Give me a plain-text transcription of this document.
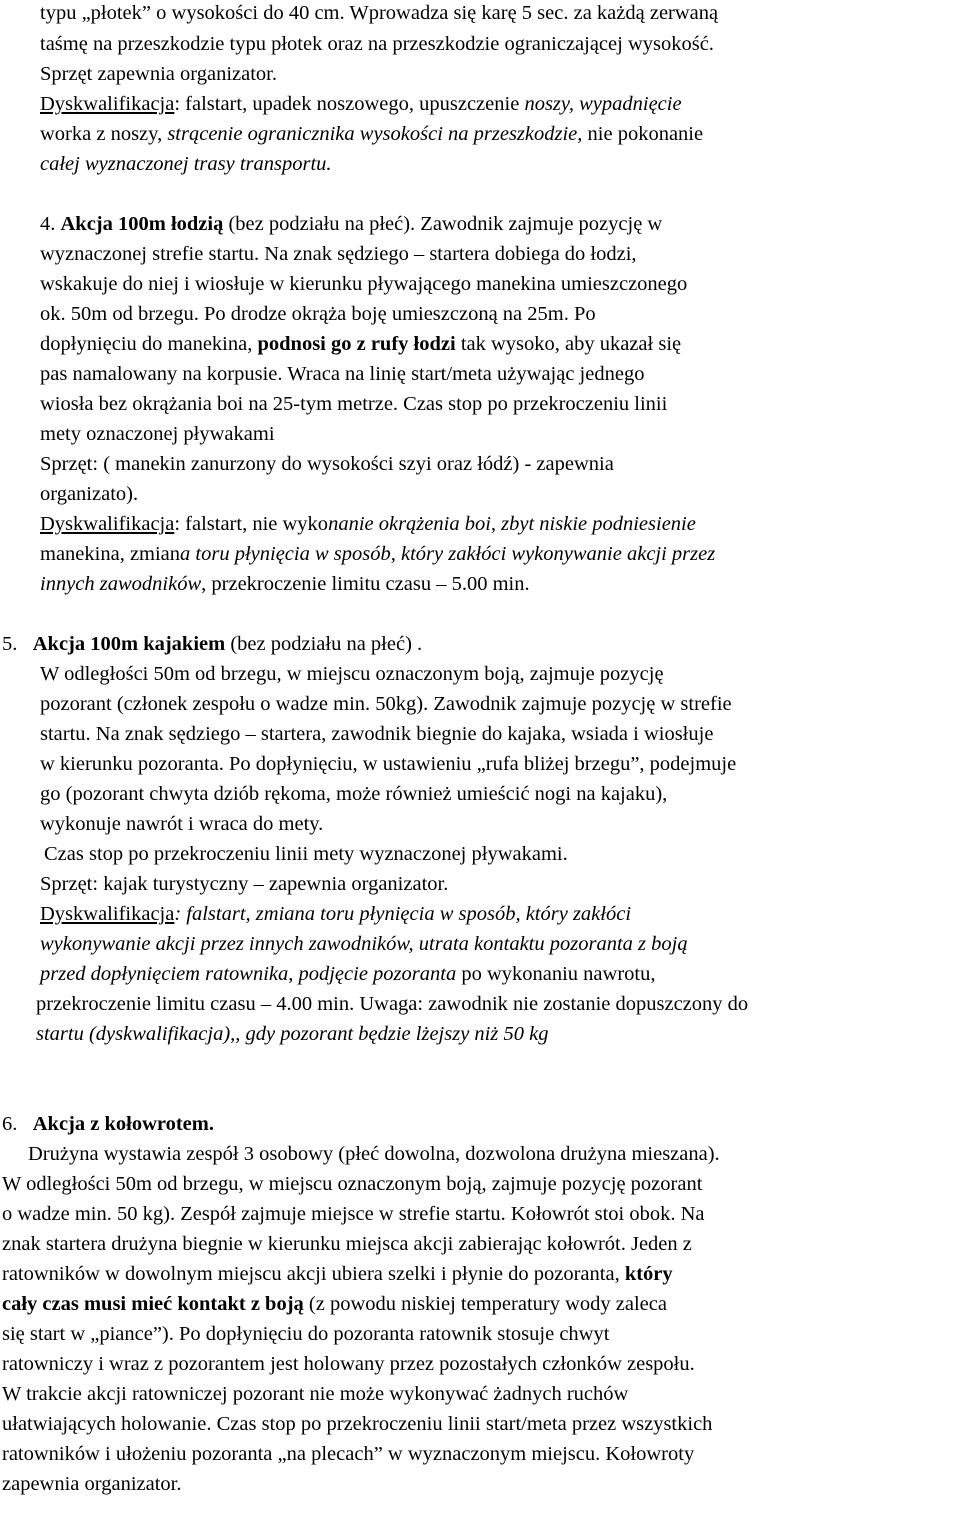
typu „płotek” o wysokości do 40 cm. Wprowadza się karę 5 sec. za każdą zerwaną
taśmę na przeszkodzie typu płotek oraz na przeszkodzie ograniczającej wysokość.
Sprzęt zapewnia organizator.
Dyskwalifikacja: falstart, upadek noszowego, upuszczenie noszy, wypadnięcie
worka z noszy, strącenie ogranicznika wysokości na przeszkodzie, nie pokonanie
całej wyznaczonej trasy transportu.
4. Akcja 100m łodzią (bez podziału na płeć). Zawodnik zajmuje pozycję w
wyznaczonej strefie startu. Na znak sędziego – startera dobiega do łodzi,
wskakuje do niej i wiosłuje w kierunku pływającego manekina umieszczonego
ok. 50m od brzegu. Po drodze okrąża boję umieszczoną na 25m. Po
dopłynięciu do manekina, podnosi go z rufy łodzi tak wysoko, aby ukazał się
pas namalowany na korpusie. Wraca na linię start/meta używając jednego
wiosła bez okrążania boi na 25-tym metrze. Czas stop po przekroczeniu linii
mety oznaczonej pływakami
Sprzęt: ( manekin zanurzony do wysokości szyi oraz łódź) - zapewnia
organizato).
Dyskwalifikacja: falstart, nie wykonanie okrążenia boi, zbyt niskie podniesienie
manekina, zmiana toru płynięcia w sposób, który zakłóci wykonywanie akcji przez
innych zawodników, przekroczenie limitu czasu – 5.00 min.
5. Akcja 100m kajakiem (bez podziału na płeć) .
W odległości 50m od brzegu, w miejscu oznaczonym boją, zajmuje pozycję
pozorant (członek zespołu o wadze min. 50kg). Zawodnik zajmuje pozycję w strefie
startu. Na znak sędziego – startera, zawodnik biegnie do kajaka, wsiada i wiosłuje
w kierunku pozoranta. Po dopłynięciu, w ustawieniu „rufa bliżej brzegu”, podejmuje
go (pozorant chwyta dziób rękoma, może również umieścić nogi na kajaku),
wykonuje nawrót i wraca do mety.
Czas stop po przekroczeniu linii mety wyznaczonej pływakami.
Sprzęt: kajak turystyczny – zapewnia organizator.
Dyskwalifikacja: falstart, zmiana toru płynięcia w sposób, który zakłóci
wykonywanie akcji przez innych zawodników, utrata kontaktu pozoranta z boją
przed dopłynięciem ratownika, podjęcie pozoranta po wykonaniu nawrotu,
przekroczenie limitu czasu – 4.00 min. Uwaga: zawodnik nie zostanie dopuszczony do
startu (dyskwalifikacja),, gdy pozorant będzie lżejszy niż 50 kg
6. Akcja z kołowrotem.
Drużyna wystawia zespół 3 osobowy (płeć dowolna, dozwolona drużyna mieszana).
W odległości 50m od brzegu, w miejscu oznaczonym boją, zajmuje pozycję pozorant
o wadze min. 50 kg). Zespół zajmuje miejsce w strefie startu. Kołowrót stoi obok. Na
znak startera drużyna biegnie w kierunku miejsca akcji zabierając kołowrót. Jeden z
ratowników w dowolnym miejscu akcji ubiera szelki i płynie do pozoranta, który
cały czas musi mieć kontakt z boją (z powodu niskiej temperatury wody zaleca
się start w „piance”). Po dopłynięciu do pozoranta ratownik stosuje chwyt
ratowniczy i wraz z pozorantem jest holowany przez pozostałych członków zespołu.
W trakcie akcji ratowniczej pozorant nie może wykonywać żadnych ruchów
ułatwiających holowanie. Czas stop po przekroczeniu linii start/meta przez wszystkich
ratowników i ułożeniu pozoranta „na plecach” w wyznaczonym miejscu. Kołowroty
zapewnia organizator.
